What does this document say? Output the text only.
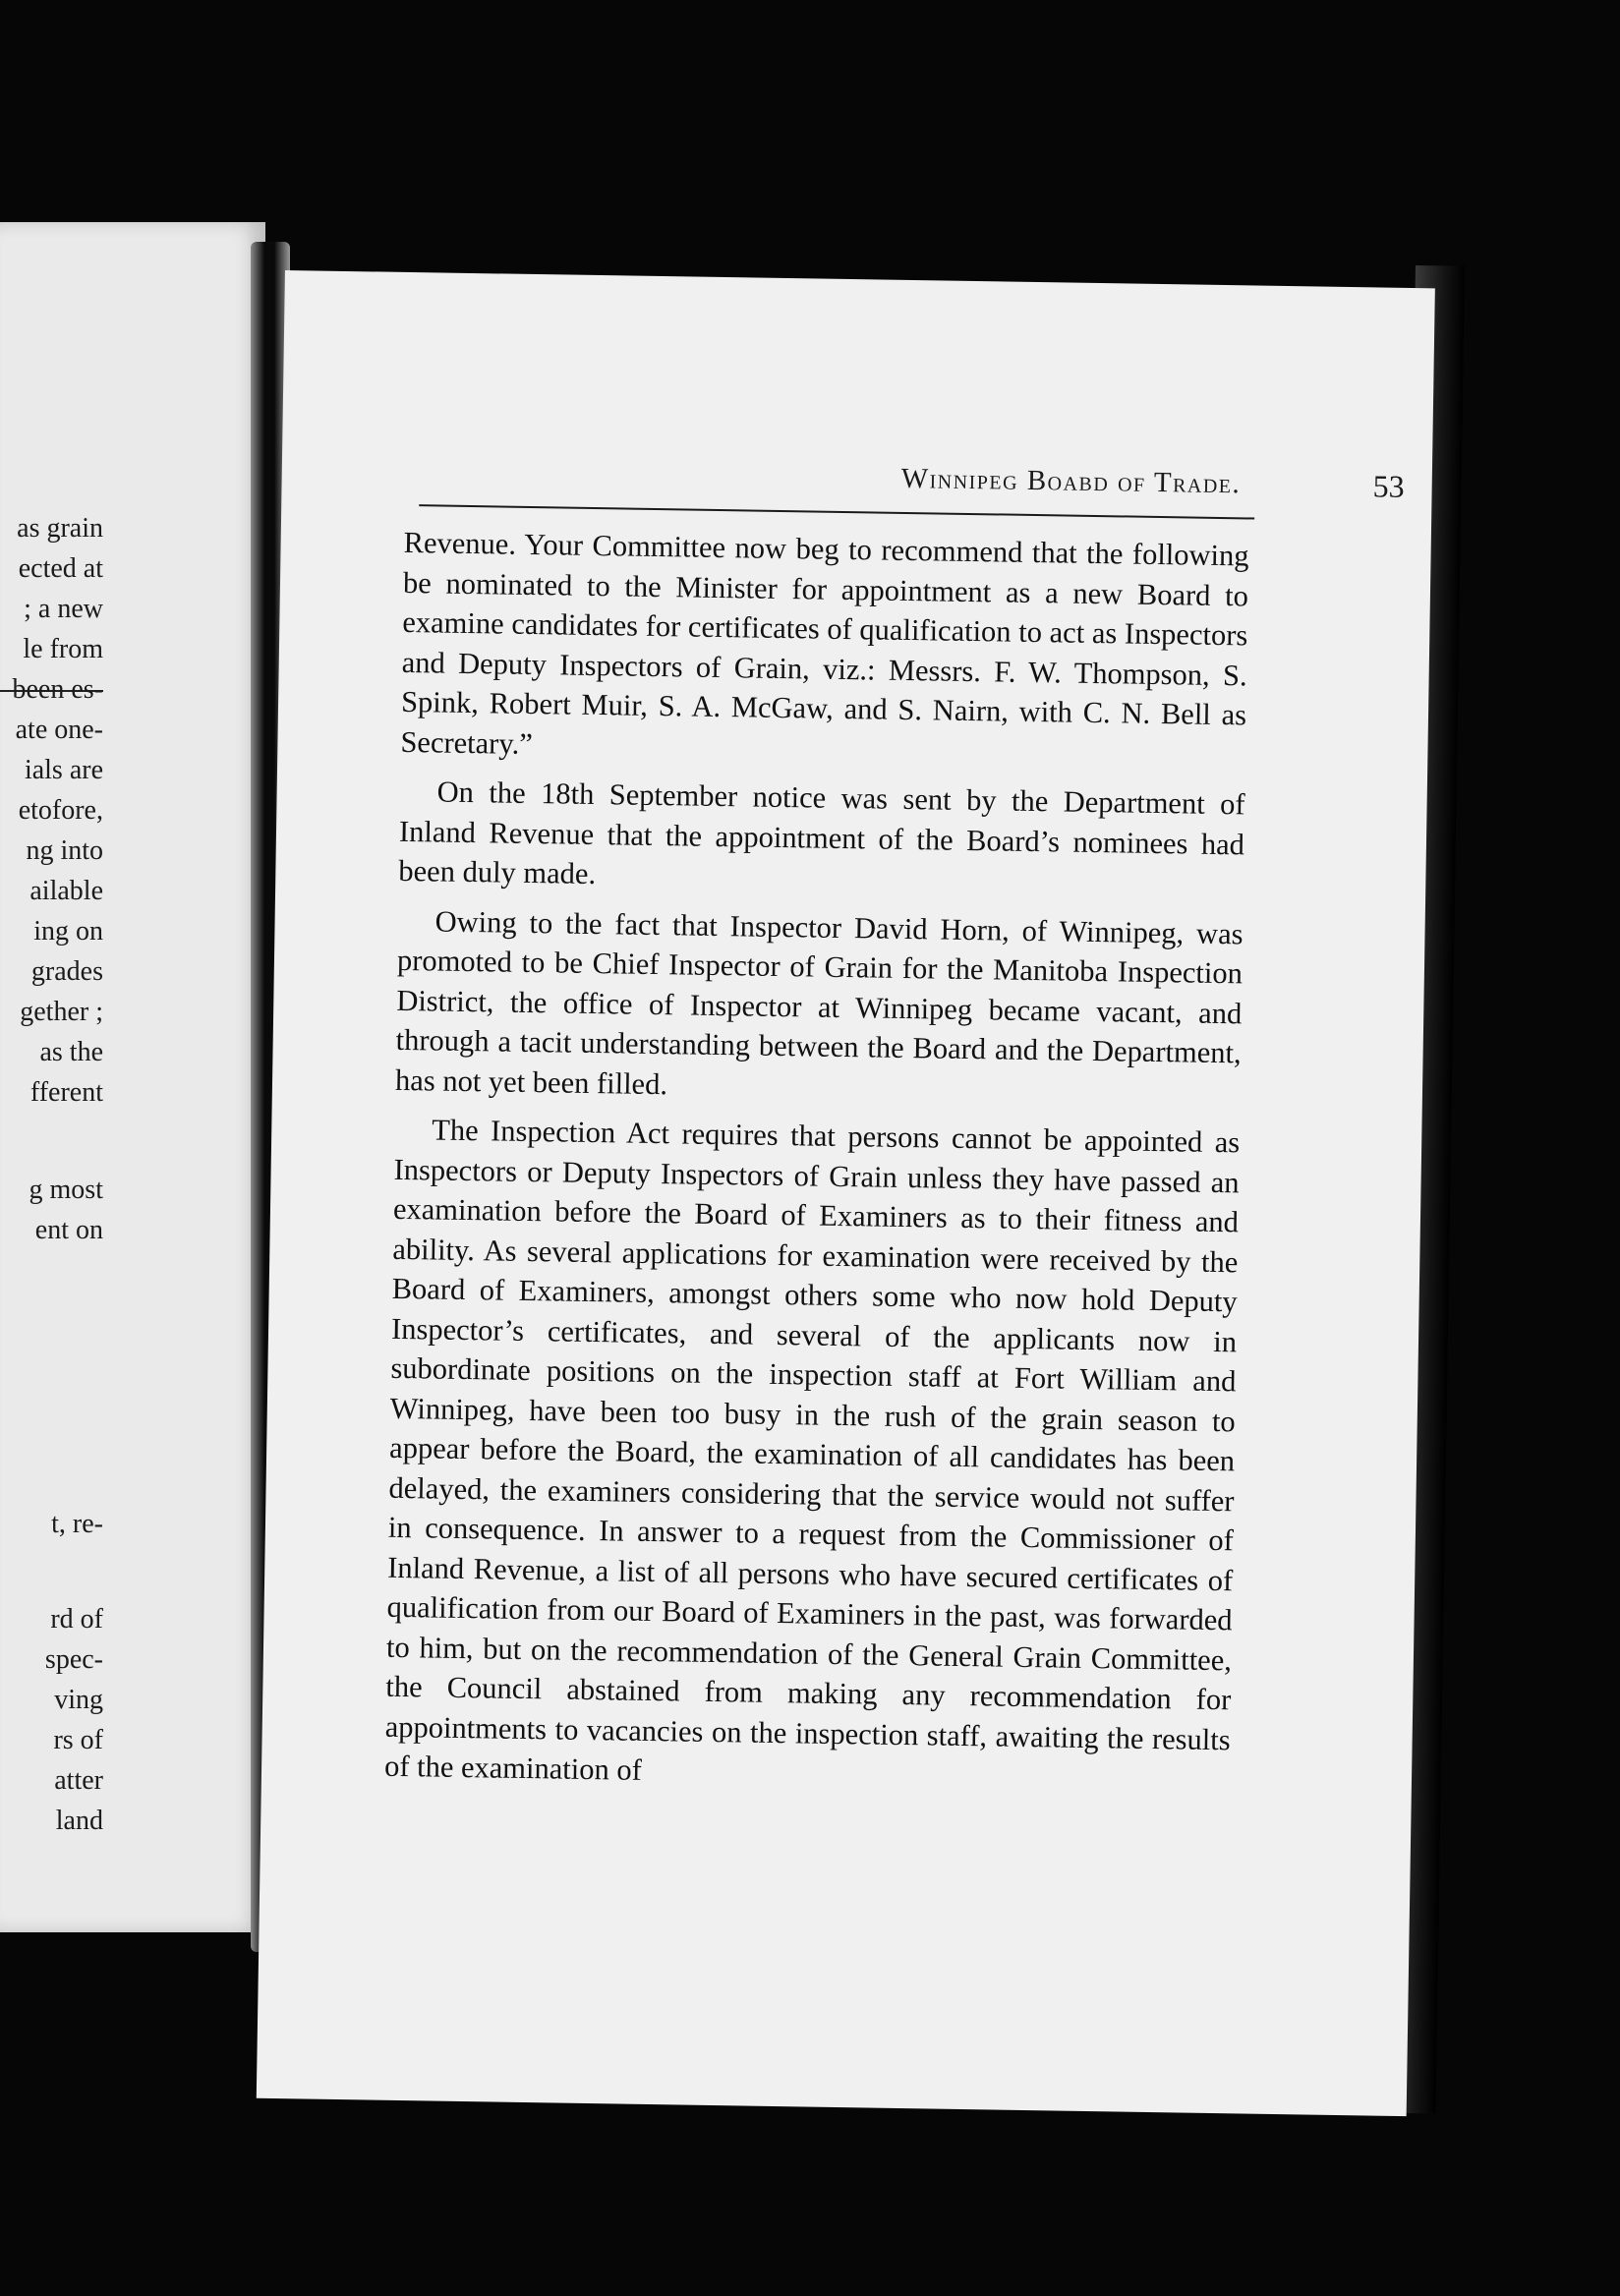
as grain
ected at
; a new
le from
been es-
ate one-
ials are
etofore,
ng into
ailable
ing on
grades
gether ;
as the
fferent
g most
ent on
t, re-
rd of
spec-
ving
rs of
atter
land
Winnipeg Boabd of Trade.	53

Revenue. Your Committee now beg to recommend that the following be nominated to the Minister for appointment as a new Board to examine candidates for certificates of qualification to act as Inspectors and Deputy Inspectors of Grain, viz.: Messrs. F. W. Thompson, S. Spink, Robert Muir, S. A. McGaw, and S. Nairn, with C. N. Bell as Secretary.”

On the 18th September notice was sent by the Department of Inland Revenue that the appointment of the Board’s nominees had been duly made.

Owing to the fact that Inspector David Horn, of Winnipeg, was promoted to be Chief Inspector of Grain for the Manitoba Inspection District, the office of Inspector at Winnipeg became vacant, and through a tacit understanding between the Board and the Department, has not yet been filled.

The Inspection Act requires that persons cannot be appointed as Inspectors or Deputy Inspectors of Grain unless they have passed an examination before the Board of Examiners as to their fitness and ability. As several applications for examination were received by the Board of Examiners, amongst others some who now hold Deputy Inspector’s certificates, and several of the applicants now in subordinate positions on the inspection staff at Fort William and Winnipeg, have been too busy in the rush of the grain season to appear before the Board, the examination of all candidates has been delayed, the examiners considering that the service would not suffer in consequence. In answer to a request from the Commissioner of Inland Revenue, a list of all persons who have secured certificates of qualification from our Board of Examiners in the past, was forwarded to him, but on the recommendation of the General Grain Committee, the Council abstained from making any recommendation for appointments to vacancies on the inspection staff, awaiting the results of the examination of
